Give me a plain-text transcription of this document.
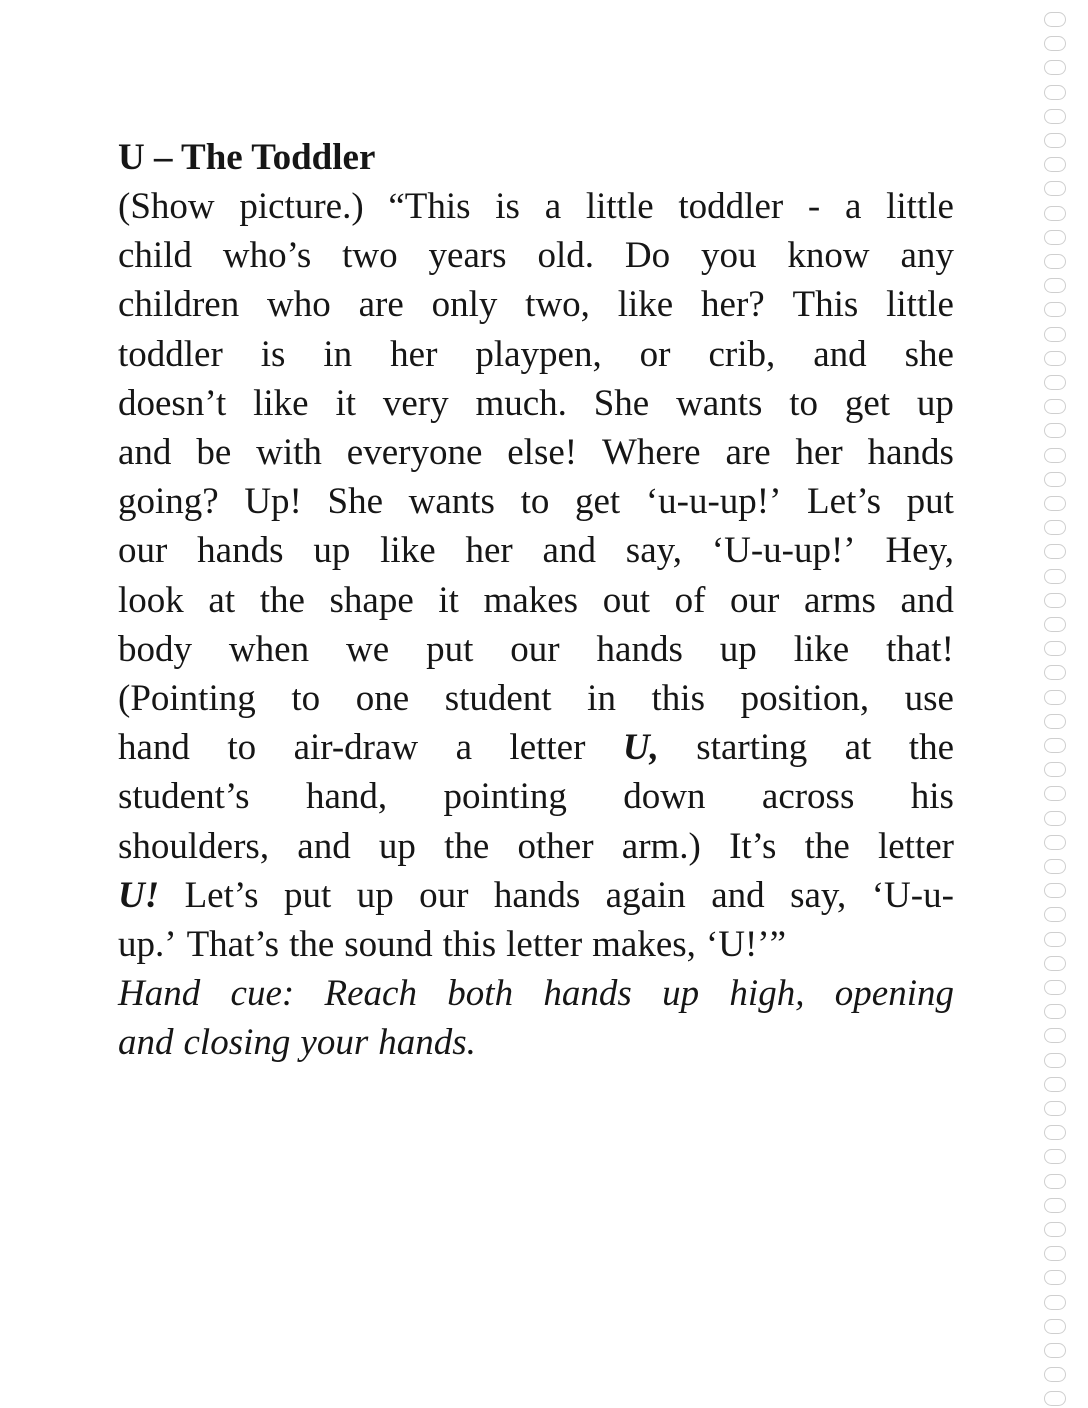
U – The Toddler
(Show picture.) “This is a little toddler - a little
child who’s two years old. Do you know any
children who are only two, like her? This little
toddler is in her playpen, or crib, and she
doesn’t like it very much. She wants to get up
and be with everyone else! Where are her hands
going? Up! She wants to get ‘u-u-up!’ Let’s put
our hands up like her and say, ‘U-u-up!’ Hey,
look at the shape it makes out of our arms and
body when we put our hands up like that!
(Pointing to one student in this position, use
hand to air-draw a letter U, starting at the
student’s hand, pointing down across his
shoulders, and up the other arm.) It’s the letter
U! Let’s put up our hands again and say, ‘U-u-
up.’ That’s the sound this letter makes, ‘U!’”
Hand cue: Reach both hands up high, opening
and closing your hands.
